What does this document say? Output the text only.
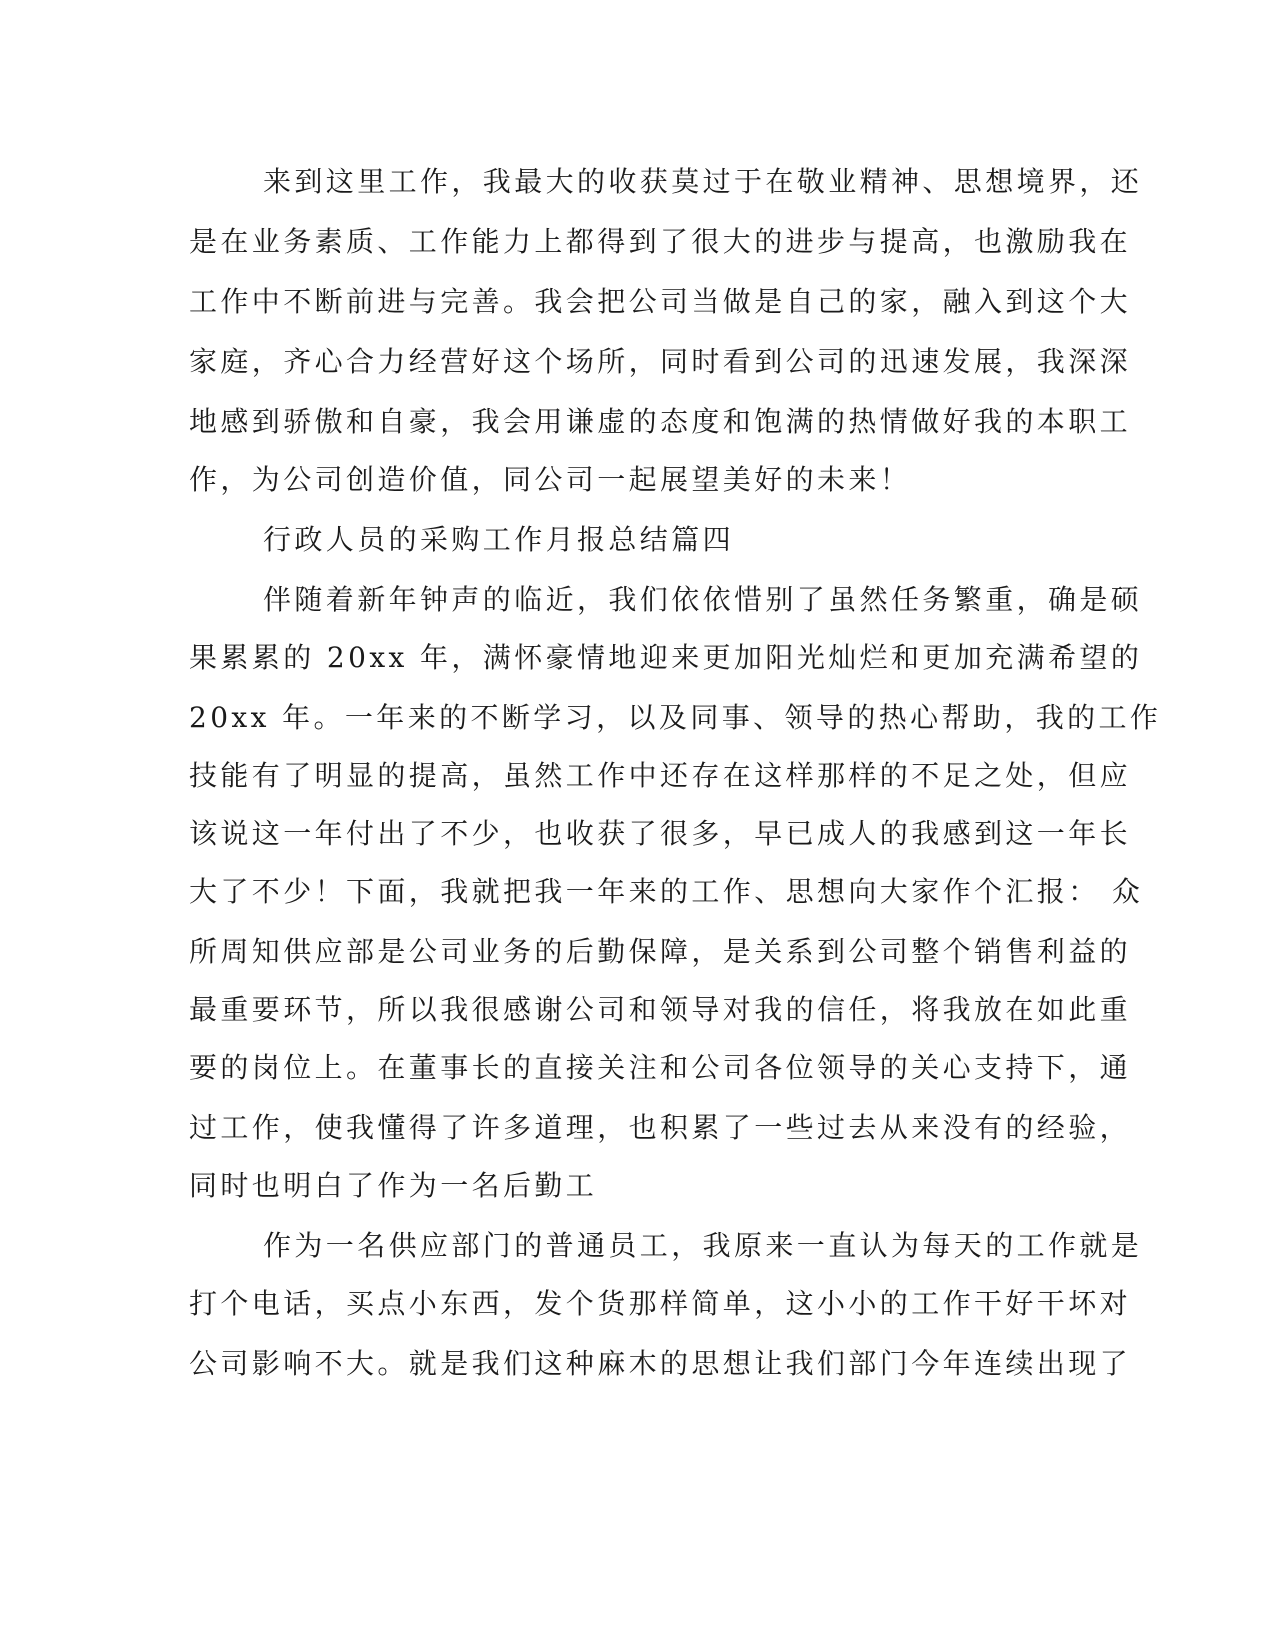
来到这里工作，我最大的收获莫过于在敬业精神、思想境界，还
是在业务素质、工作能力上都得到了很大的进步与提高，也激励我在
工作中不断前进与完善。我会把公司当做是自己的家，融入到这个大
家庭，齐心合力经营好这个场所，同时看到公司的迅速发展，我深深
地感到骄傲和自豪，我会用谦虚的态度和饱满的热情做好我的本职工
作，为公司创造价值，同公司一起展望美好的未来！
行政人员的采购工作月报总结篇四
伴随着新年钟声的临近，我们依依惜别了虽然任务繁重，确是硕
果累累的 20xx 年，满怀豪情地迎来更加阳光灿烂和更加充满希望的
20xx 年。一年来的不断学习，以及同事、领导的热心帮助，我的工作
技能有了明显的提高，虽然工作中还存在这样那样的不足之处，但应
该说这一年付出了不少，也收获了很多，早已成人的我感到这一年长
大了不少！下面，我就把我一年来的工作、思想向大家作个汇报： 众
所周知供应部是公司业务的后勤保障，是关系到公司整个销售利益的
最重要环节，所以我很感谢公司和领导对我的信任，将我放在如此重
要的岗位上。在董事长的直接关注和公司各位领导的关心支持下，通
过工作，使我懂得了许多道理，也积累了一些过去从来没有的经验，
同时也明白了作为一名后勤工
作为一名供应部门的普通员工，我原来一直认为每天的工作就是
打个电话，买点小东西，发个货那样简单，这小小的工作干好干坏对
公司影响不大。就是我们这种麻木的思想让我们部门今年连续出现了
